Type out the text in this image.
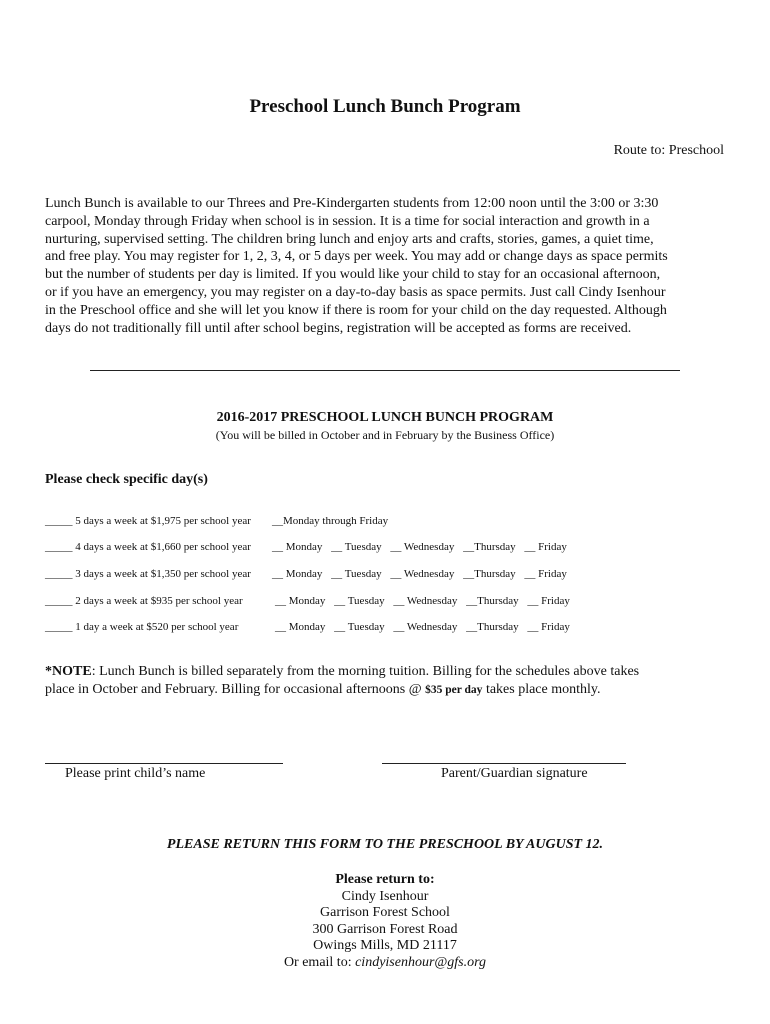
Preschool Lunch Bunch Program
Route to: Preschool
Lunch Bunch is available to our Threes and Pre-Kindergarten students from 12:00 noon until the 3:00 or 3:30
carpool, Monday through Friday when school is in session. It is a time for social interaction and growth in a
nurturing, supervised setting. The children bring lunch and enjoy arts and crafts, stories, games, a quiet time,
and free play. You may register for 1, 2, 3, 4, or 5 days per week. You may add or change days as space permits
but the number of students per day is limited. If you would like your child to stay for an occasional afternoon,
or if you have an emergency, you may register on a day-to-day basis as space permits. Just call Cindy Isenhour
in the Preschool office and she will let you know if there is room for your child on the day requested. Although
days do not traditionally fill until after school begins, registration will be accepted as forms are received.
2016-2017 PRESCHOOL LUNCH BUNCH PROGRAM
(You will be billed in October and in February by the Business Office)
Please check specific day(s)
_____ 5 days a week at $1,975 per school year __Monday through Friday
_____ 4 days a week at $1,660 per school year __ Monday __ Tuesday __ Wednesday __Thursday __ Friday
_____ 3 days a week at $1,350 per school year __ Monday __ Tuesday __ Wednesday __Thursday __ Friday
_____ 2 days a week at $935 per school year	__ Monday __ Tuesday __ Wednesday __Thursday __ Friday
_____ 1 day a week at $520 per school year	__ Monday __ Tuesday __ Wednesday __Thursday __ Friday
*NOTE: Lunch Bunch is billed separately from the morning tuition. Billing for the schedules above takes
place in October and February. Billing for occasional afternoons @ $35 per day takes place monthly.
Please print child’s name	Parent/Guardian signature
PLEASE RETURN THIS FORM TO THE PRESCHOOL BY AUGUST 12.
Please return to:
Cindy Isenhour
Garrison Forest School
300 Garrison Forest Road
Owings Mills, MD 21117
Or email to: cindyisenhour@gfs.org
